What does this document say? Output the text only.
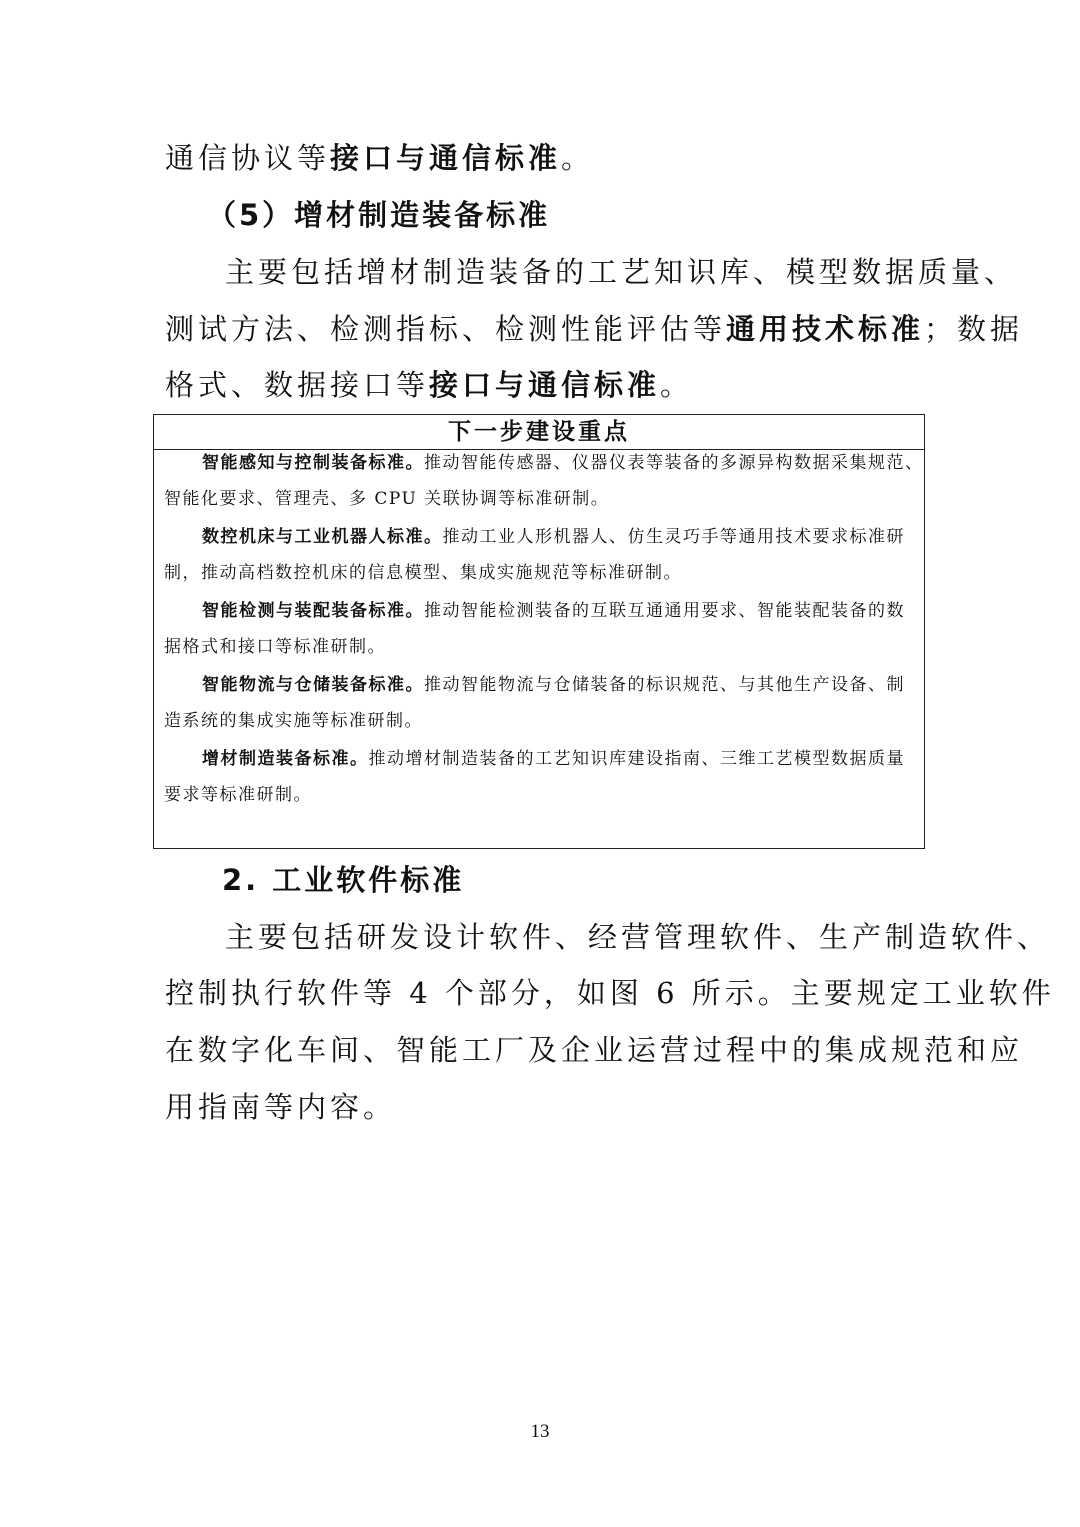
通信协议等接口与通信标准。
（5）增材制造装备标准
主要包括增材制造装备的工艺知识库、模型数据质量、
测试方法、检测指标、检测性能评估等通用技术标准；数据
格式、数据接口等接口与通信标准。
下一步建设重点
智能感知与控制装备标准。推动智能传感器、仪器仪表等装备的多源异构数据采集规范、
智能化要求、管理壳、多 CPU 关联协调等标准研制。
数控机床与工业机器人标准。推动工业人形机器人、仿生灵巧手等通用技术要求标准研
制，推动高档数控机床的信息模型、集成实施规范等标准研制。
智能检测与装配装备标准。推动智能检测装备的互联互通通用要求、智能装配装备的数
据格式和接口等标准研制。
智能物流与仓储装备标准。推动智能物流与仓储装备的标识规范、与其他生产设备、制
造系统的集成实施等标准研制。
增材制造装备标准。推动增材制造装备的工艺知识库建设指南、三维工艺模型数据质量
要求等标准研制。
2. 工业软件标准
主要包括研发设计软件、经营管理软件、生产制造软件、
控制执行软件等 4 个部分，如图 6 所示。主要规定工业软件
在数字化车间、智能工厂及企业运营过程中的集成规范和应
用指南等内容。
13
